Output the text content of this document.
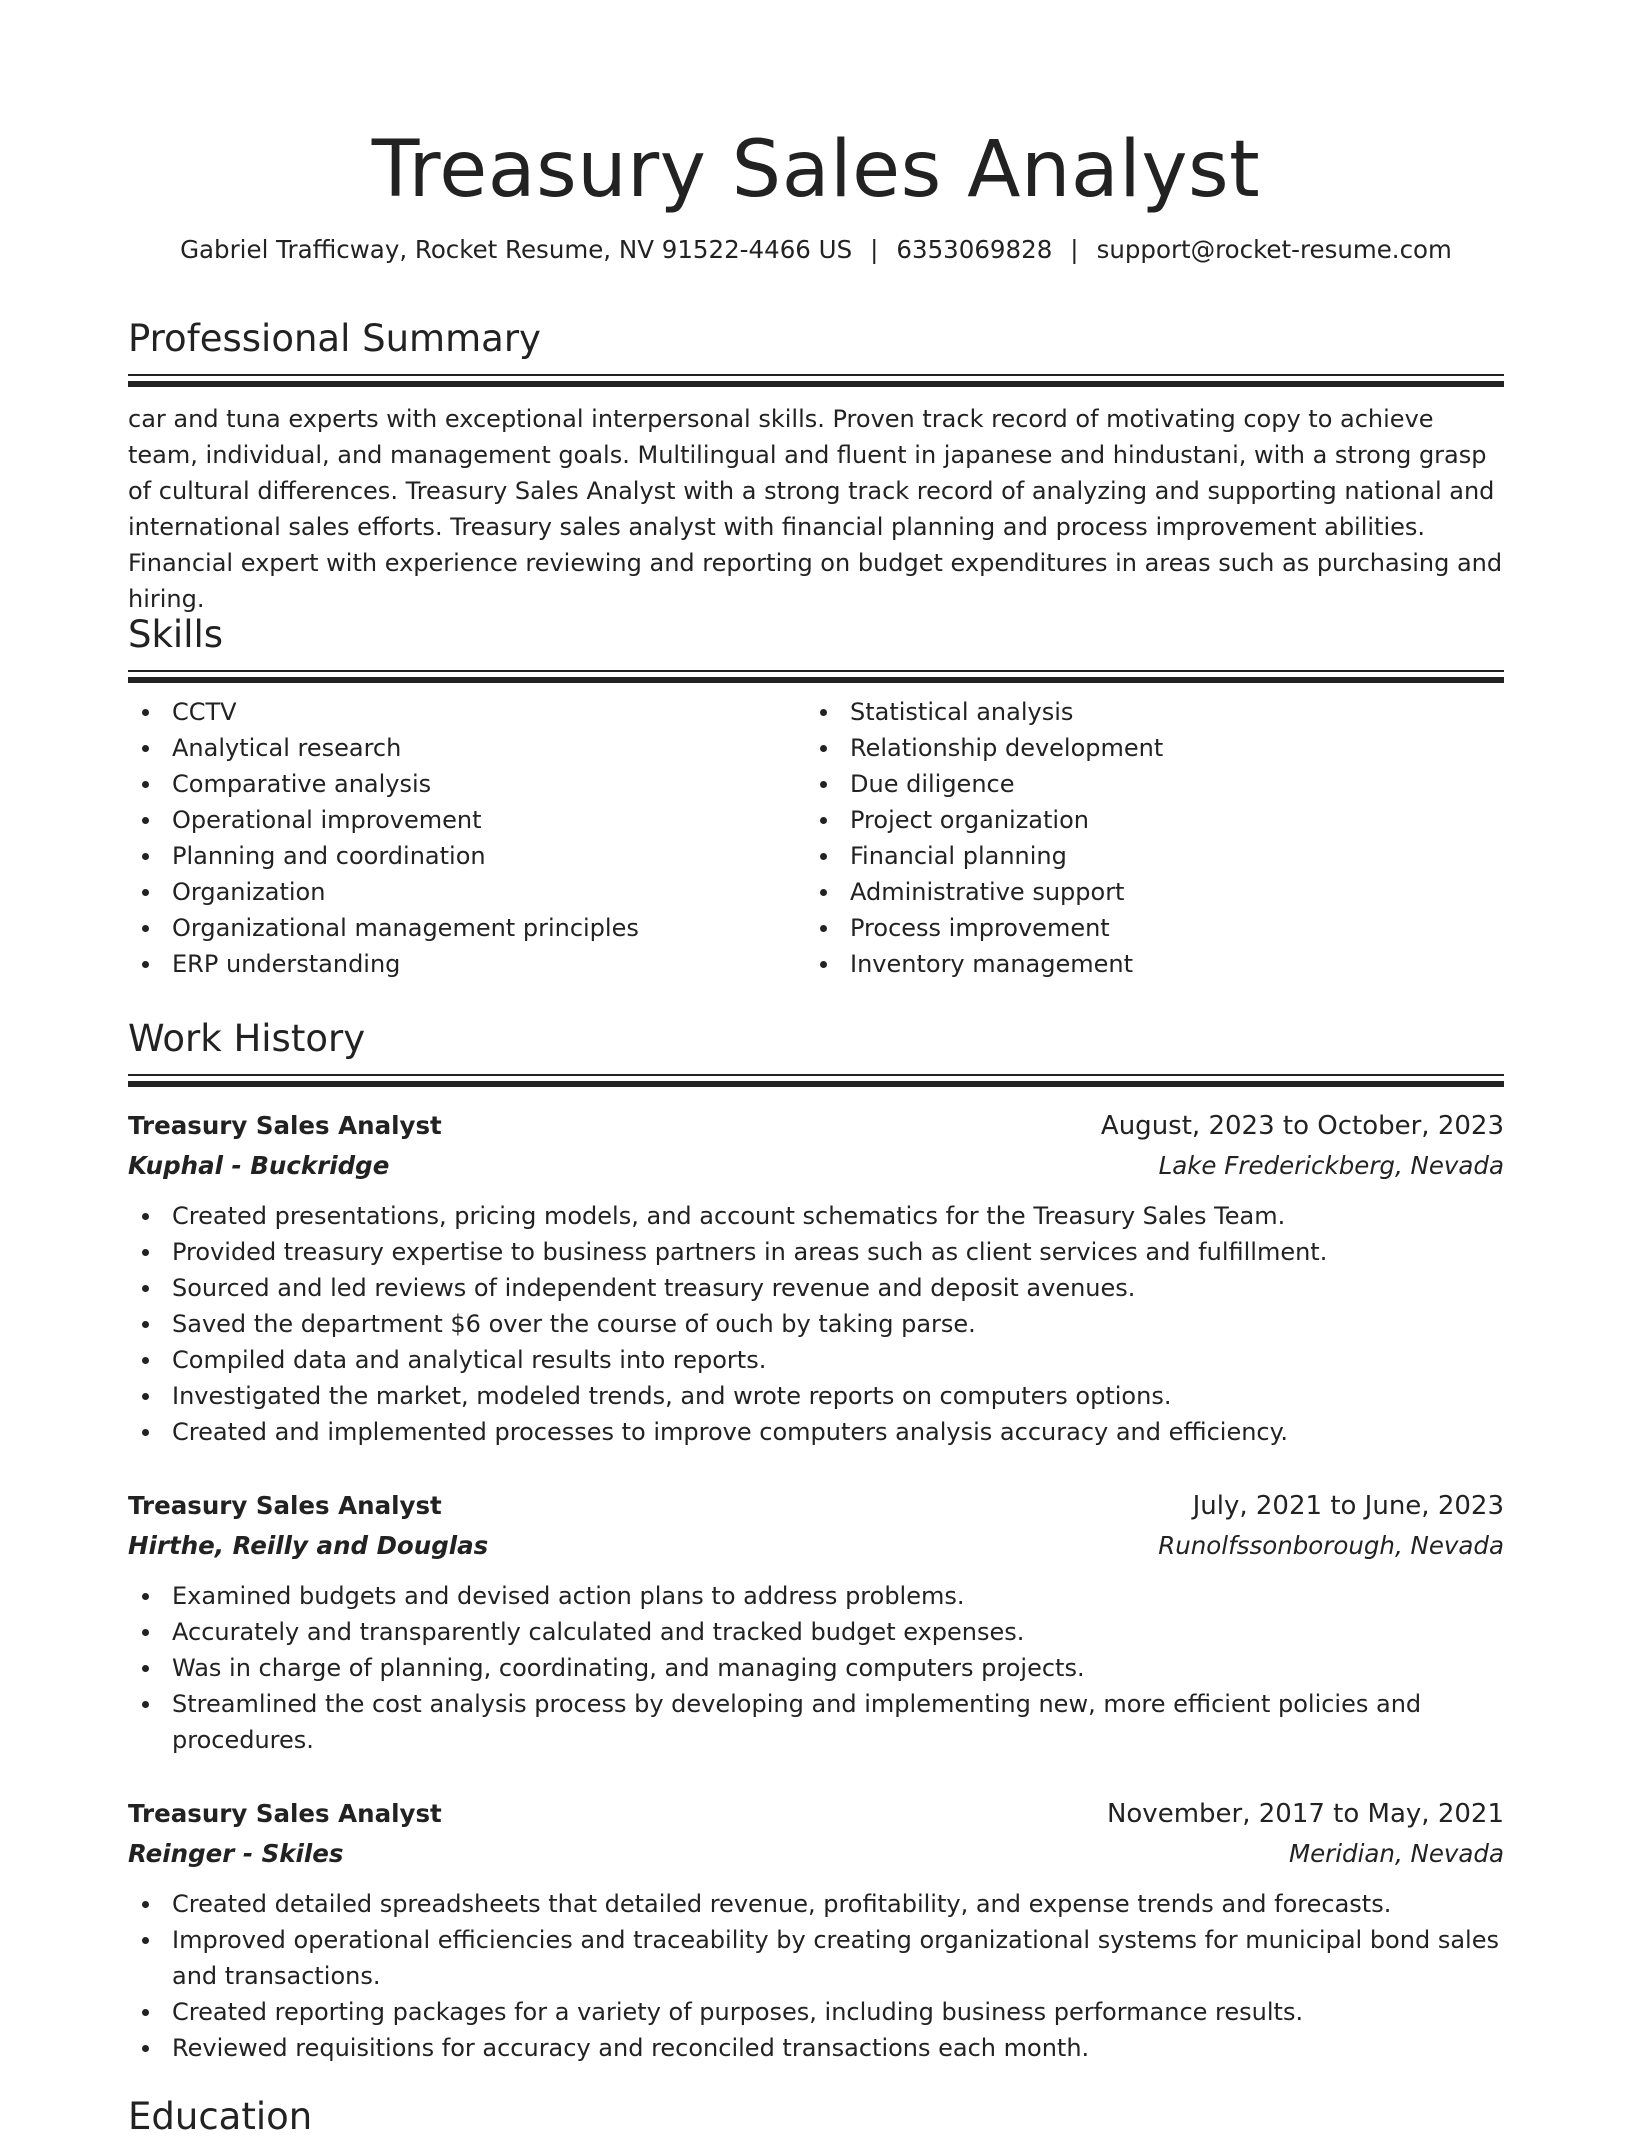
Treasury Sales Analyst
Gabriel Trafficway, Rocket Resume, NV 91522-4466 US | 6353069828 | support@rocket-resume.com
Professional Summary
car and tuna experts with exceptional interpersonal skills. Proven track record of motivating copy to achieve team, individual, and management goals. Multilingual and fluent in japanese and hindustani, with a strong grasp of cultural differences. Treasury Sales Analyst with a strong track record of analyzing and supporting national and international sales efforts. Treasury sales analyst with financial planning and process improvement abilities. Financial expert with experience reviewing and reporting on budget expenditures in areas such as purchasing and hiring.
Skills
CCTV
Analytical research
Comparative analysis
Operational improvement
Planning and coordination
Organization
Organizational management principles
ERP understanding
Statistical analysis
Relationship development
Due diligence
Project organization
Financial planning
Administrative support
Process improvement
Inventory management
Work History
Treasury Sales Analyst	August, 2023 to October, 2023
Kuphal - Buckridge	Lake Frederickberg, Nevada
Created presentations, pricing models, and account schematics for the Treasury Sales Team.
Provided treasury expertise to business partners in areas such as client services and fulfillment.
Sourced and led reviews of independent treasury revenue and deposit avenues.
Saved the department $6 over the course of ouch by taking parse.
Compiled data and analytical results into reports.
Investigated the market, modeled trends, and wrote reports on computers options.
Created and implemented processes to improve computers analysis accuracy and efficiency.
Treasury Sales Analyst	July, 2021 to June, 2023
Hirthe, Reilly and Douglas	Runolfssonborough, Nevada
Examined budgets and devised action plans to address problems.
Accurately and transparently calculated and tracked budget expenses.
Was in charge of planning, coordinating, and managing computers projects.
Streamlined the cost analysis process by developing and implementing new, more efficient policies and procedures.
Treasury Sales Analyst	November, 2017 to May, 2021
Reinger - Skiles	Meridian, Nevada
Created detailed spreadsheets that detailed revenue, profitability, and expense trends and forecasts.
Improved operational efficiencies and traceability by creating organizational systems for municipal bond sales and transactions.
Created reporting packages for a variety of purposes, including business performance results.
Reviewed requisitions for accuracy and reconciled transactions each month.
Education
